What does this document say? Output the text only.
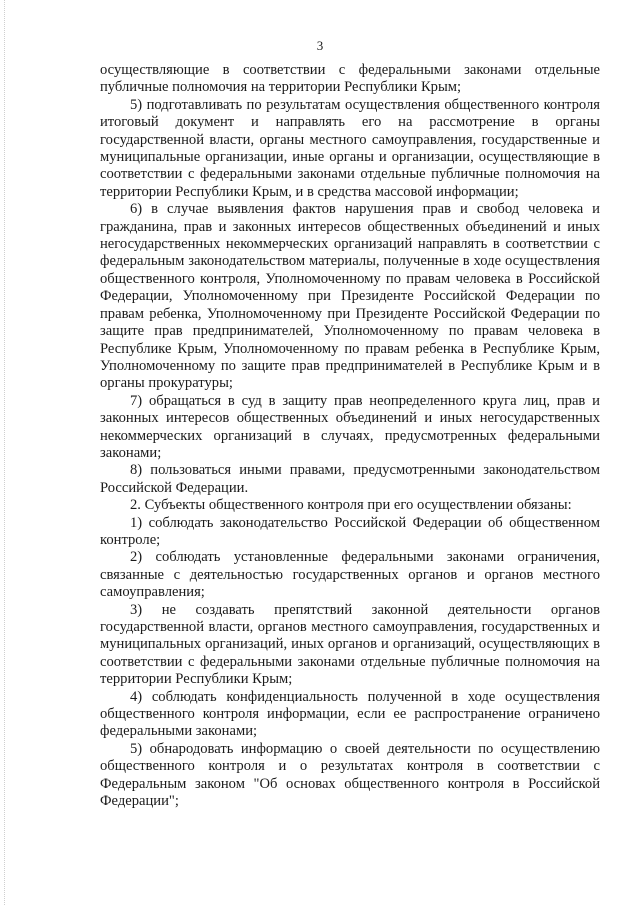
3

осуществляющие в соответствии с федеральными законами отдельные публичные полномочия на территории Республики Крым;

5) подготавливать по результатам осуществления общественного контроля итоговый документ и направлять его на рассмотрение в органы государственной власти, органы местного самоуправления, государственные и муниципальные организации, иные органы и организации, осуществляющие в соответствии с федеральными законами отдельные публичные полномочия на территории Республики Крым, и в средства массовой информации;

6) в случае выявления фактов нарушения прав и свобод человека и гражданина, прав и законных интересов общественных объединений и иных негосударственных некоммерческих организаций направлять в соответствии с федеральным законодательством материалы, полученные в ходе осуществления общественного контроля, Уполномоченному по правам человека в Российской Федерации, Уполномоченному при Президенте Российской Федерации по правам ребенка, Уполномоченному при Президенте Российской Федерации по защите прав предпринимателей, Уполномоченному по правам человека в Республике Крым, Уполномоченному по правам ребенка в Республике Крым, Уполномоченному по защите прав предпринимателей в Республике Крым и в органы прокуратуры;

7) обращаться в суд в защиту прав неопределенного круга лиц, прав и законных интересов общественных объединений и иных негосударственных некоммерческих организаций в случаях, предусмотренных федеральными законами;

8) пользоваться иными правами, предусмотренными законодательством Российской Федерации.

2. Субъекты общественного контроля при его осуществлении обязаны:

1) соблюдать законодательство Российской Федерации об общественном контроле;

2) соблюдать установленные федеральными законами ограничения, связанные с деятельностью государственных органов и органов местного самоуправления;

3) не создавать препятствий законной деятельности органов государственной власти, органов местного самоуправления, государственных и муниципальных организаций, иных органов и организаций, осуществляющих в соответствии с федеральными законами отдельные публичные полномочия на территории Республики Крым;

4) соблюдать конфиденциальность полученной в ходе осуществления общественного контроля информации, если ее распространение ограничено федеральными законами;

5) обнародовать информацию о своей деятельности по осуществлению общественного контроля и о результатах контроля в соответствии с Федеральным законом "Об основах общественного контроля в Российской Федерации";
